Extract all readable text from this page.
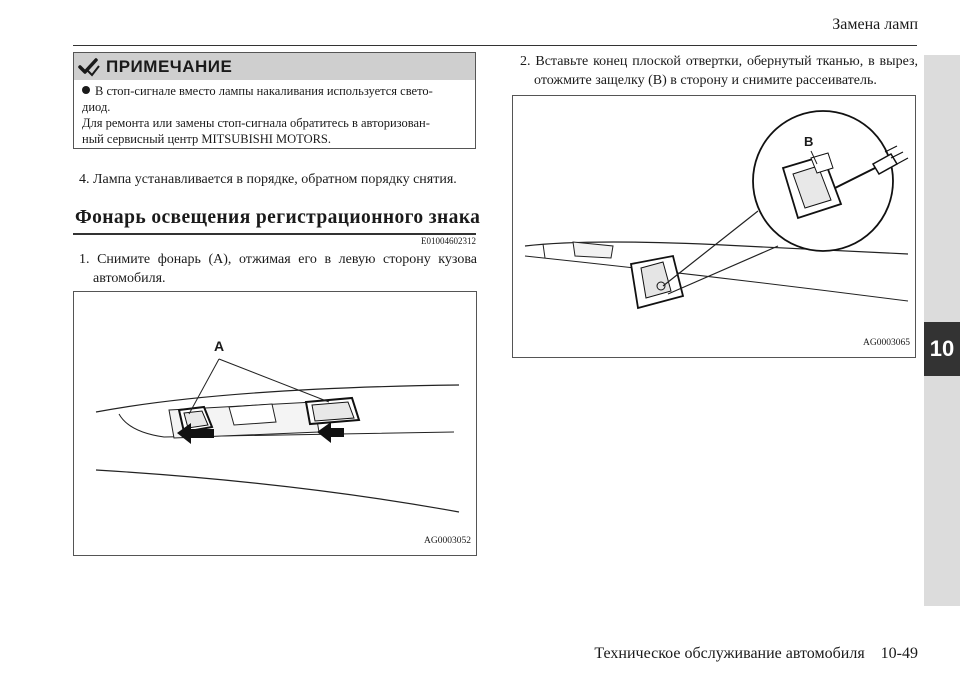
Замена ламп
10
ПРИМЕЧАНИЕ

В стоп-сигнале вместо лампы накаливания используется свето-

диод.

Для ремонта или замены стоп-сигнала обратитесь в авторизован-

ный сервисный центр MITSUBISHI MOTORS.

4. Лампа устанавливается в порядке, обратном порядку снятия.
Фонарь освещения регистрационного знака
E01004602312
1. Снимите фонарь (A), отжимая его в левую сторону кузова
автомобиля.
A
AG0003052
2. Вставьте конец плоской отвертки, обернутый тканью, в вырез,
отожмите защелку (B) в сторону и снимите рассеиватель.
B
AG0003065
Техническое обслуживание автомобиля    10-49
